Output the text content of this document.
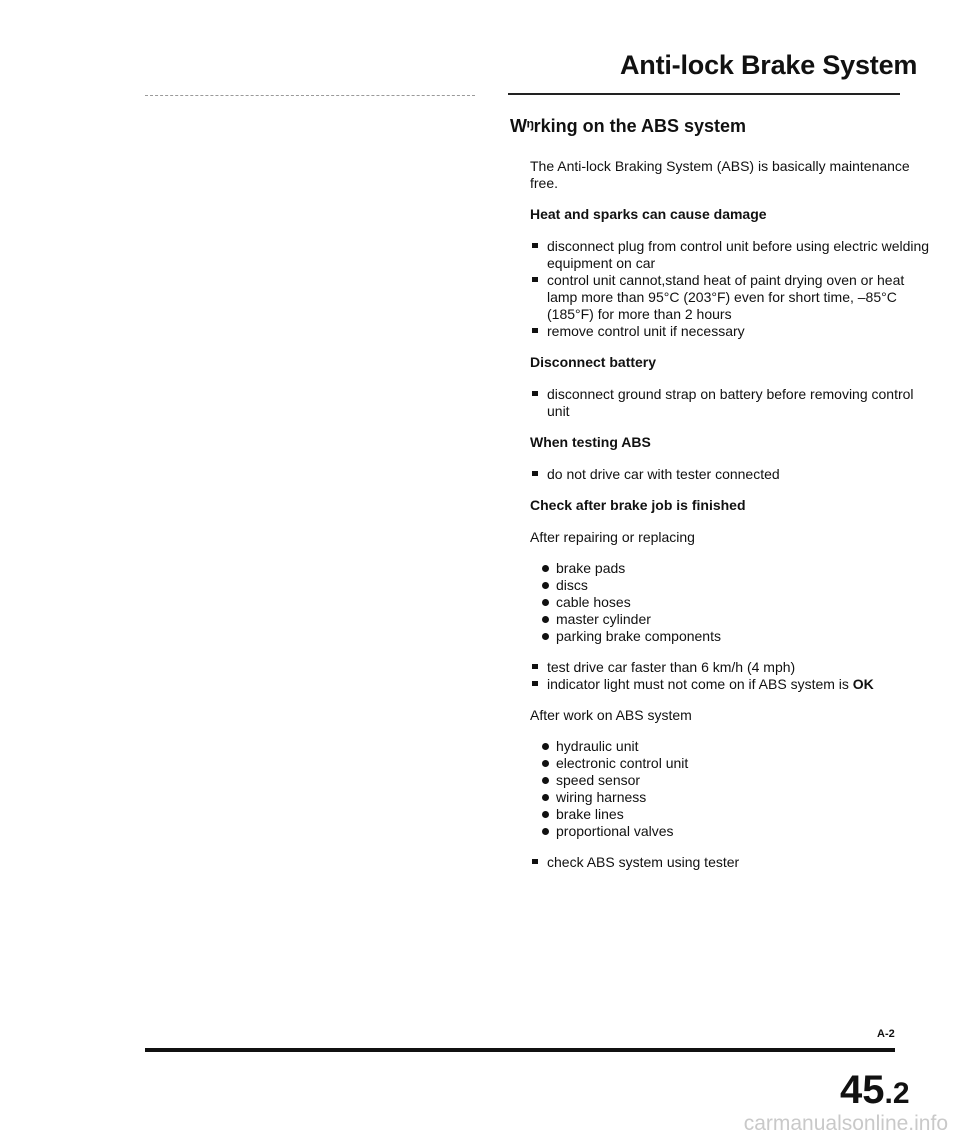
Anti-lock Brake System
Wᵑrking on the ABS system

The Anti-lock Braking System (ABS) is basically maintenance free.

Heat and sparks can cause damage

disconnect plug from control unit before using electric welding equipment on car
control unit cannot,stand heat of paint drying oven or heat lamp more than 95°C (203°F) even for short time, –85°C (185°F) for more than 2 hours
remove control unit if necessary

Disconnect battery

disconnect ground strap on battery before removing control unit

When testing ABS

do not drive car with tester connected

Check after brake job is finished

After repairing or replacing

brake pads
discs
cable hoses
master cylinder
parking brake components
test drive car faster than 6 km/h (4 mph)
indicator light must not come on if ABS system is OK

After work on ABS system

hydraulic unit
electronic control unit
speed sensor
wiring harness
brake lines
proportional valves
check ABS system using tester
A-2
45.2
carmanualsonline.info
